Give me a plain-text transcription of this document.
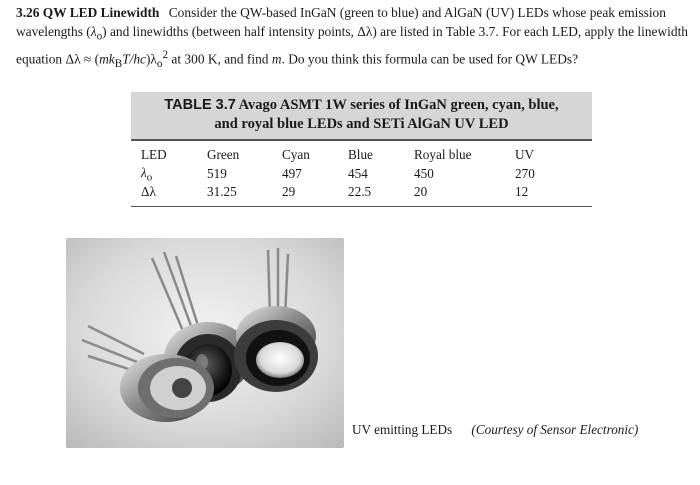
3.26 QW LED Linewidth Consider the QW-based InGaN (green to blue) and AlGaN (UV) LEDs whose peak emission wavelengths $(\lambda_o)$ and linewidths (between half intensity points, Δλ) are listed in Table 3.7. For each LED, apply the linewidth equation $\Delta\lambda \approx (mk_BT/hc)\lambda_o^2$ at 300 K, and find m. Do you think this formula can be used for QW LEDs?
TABLE 3.7 Avago ASMT 1W series of InGaN green, cyan, blue,
and royal blue LEDs and SETi AlGaN UV LED
LED	Green	Cyan	Blue	Royal blue	UV
$\lambda_o$	519	497	454	450	270
Δλ	31.25	29	22.5	20	12
UV emitting LEDs (Courtesy of Sensor Electronic)
